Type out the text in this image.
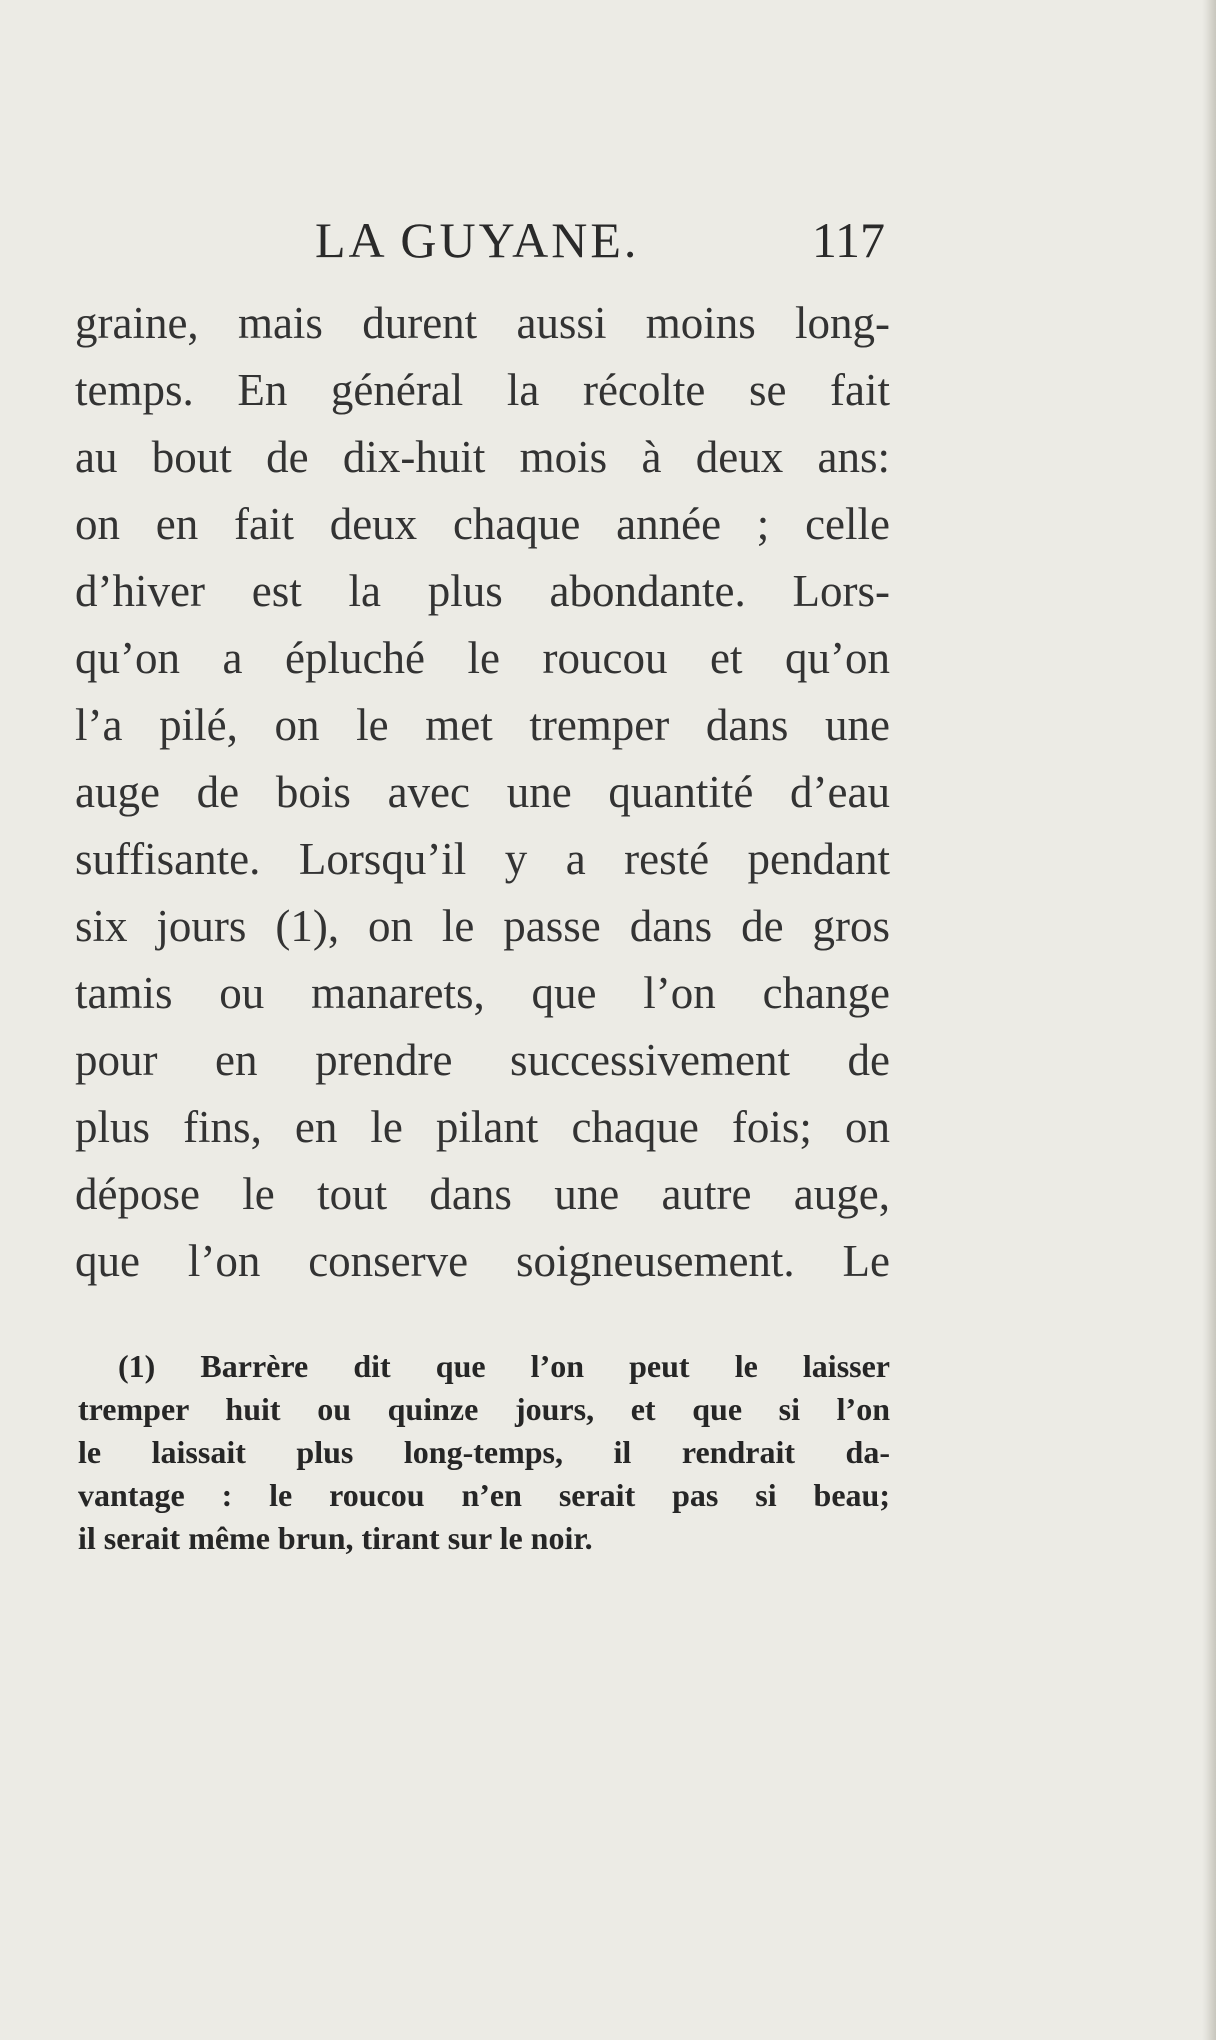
LA GUYANE.	117
graine, mais durent aussi moins long-
temps. En général la récolte se fait
au bout de dix-huit mois à deux ans:
on en fait deux chaque année ; celle
d’hiver est la plus abondante. Lors-
qu’on a épluché le roucou et qu’on
l’a pilé, on le met tremper dans une
auge de bois avec une quantité d’eau
suffisante. Lorsqu’il y a resté pendant
six jours (1), on le passe dans de gros
tamis ou manarets, que l’on change
pour en prendre successivement de
plus fins, en le pilant chaque fois; on
dépose le tout dans une autre auge,
que l’on conserve soigneusement. Le
(1) Barrère dit que l’on peut le laisser
tremper huit ou quinze jours, et que si l’on
le laissait plus long-temps, il rendrait da-
vantage : le roucou n’en serait pas si beau;
il serait même brun, tirant sur le noir.
